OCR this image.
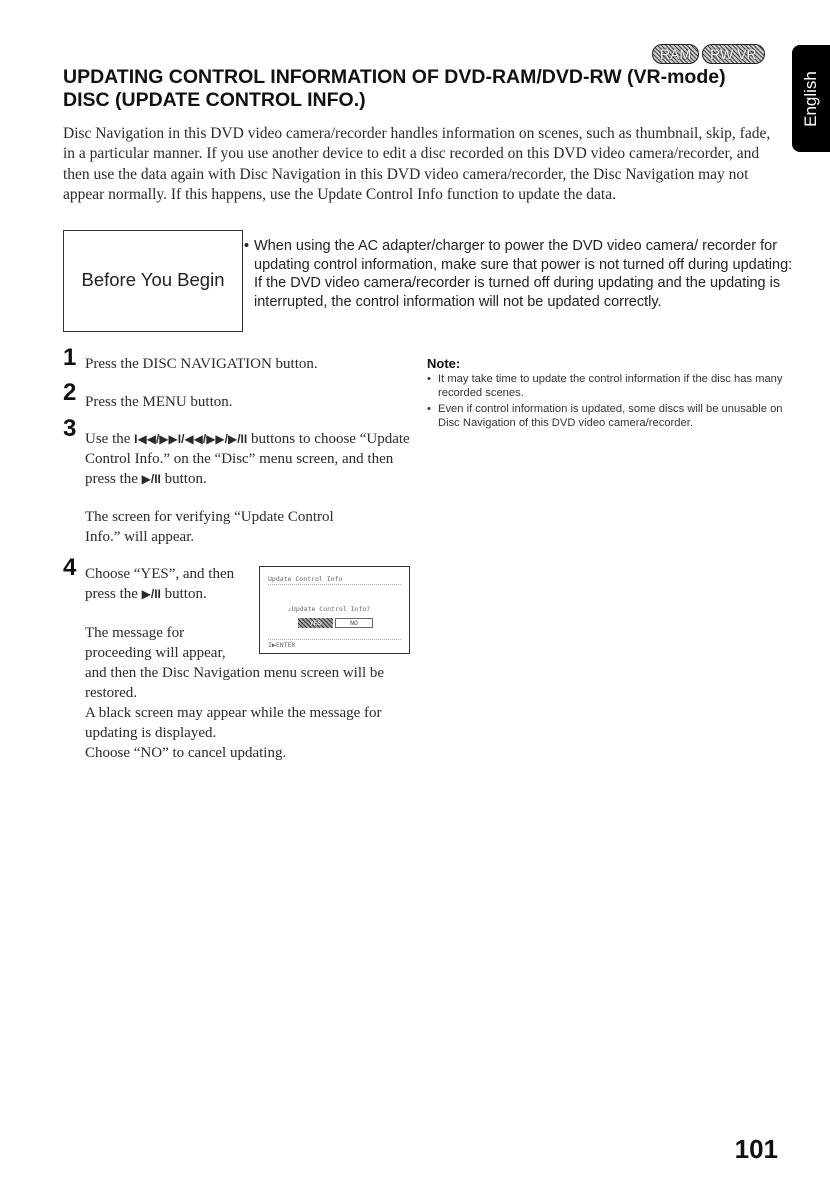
RAM	RW VR
English
UPDATING CONTROL INFORMATION OF DVD-RAM/DVD-RW (VR-mode)
DISC (UPDATE CONTROL INFO.)

Disc Navigation in this DVD video camera/recorder handles information on scenes, such as thumbnail, skip, fade, in a particular manner. If you use another device to edit a disc recorded on this DVD video camera/recorder, and then use the data again with Disc Navigation in this DVD video camera/recorder, the Disc Navigation may not appear normally. If this happens, use the Update Control Info function to update the data.

Before You Begin

• When using the AC adapter/charger to power the DVD video camera/ recorder for updating control information, make sure that power is not turned off during updating: If the DVD video camera/recorder is turned off during updating and the updating is interrupted, the control information will not be updated correctly.

1 Press the DISC NAVIGATION button.
2 Press the MENU button.
3 Use the I◀◀/▶▶I/◀◀/▶▶/▶/II buttons to choose “Update Control Info.” on the “Disc” menu screen, and then press the ▶/II button.

The screen for verifying “Update Control Info.” will appear.

4 Choose “YES”, and then press the ▶/II button.

The message for proceeding will appear,

and then the Disc Navigation menu screen will be restored.

A black screen may appear while the message for updating is displayed.

Choose “NO” to cancel updating.

Update Control Info
⚠Update Control Info?
YES	NO
I▶ENTER
Note:
• It may take time to update the control information if the disc has many recorded scenes.
• Even if control information is updated, some discs will be unusable on Disc Navigation of this DVD video camera/recorder.
101
